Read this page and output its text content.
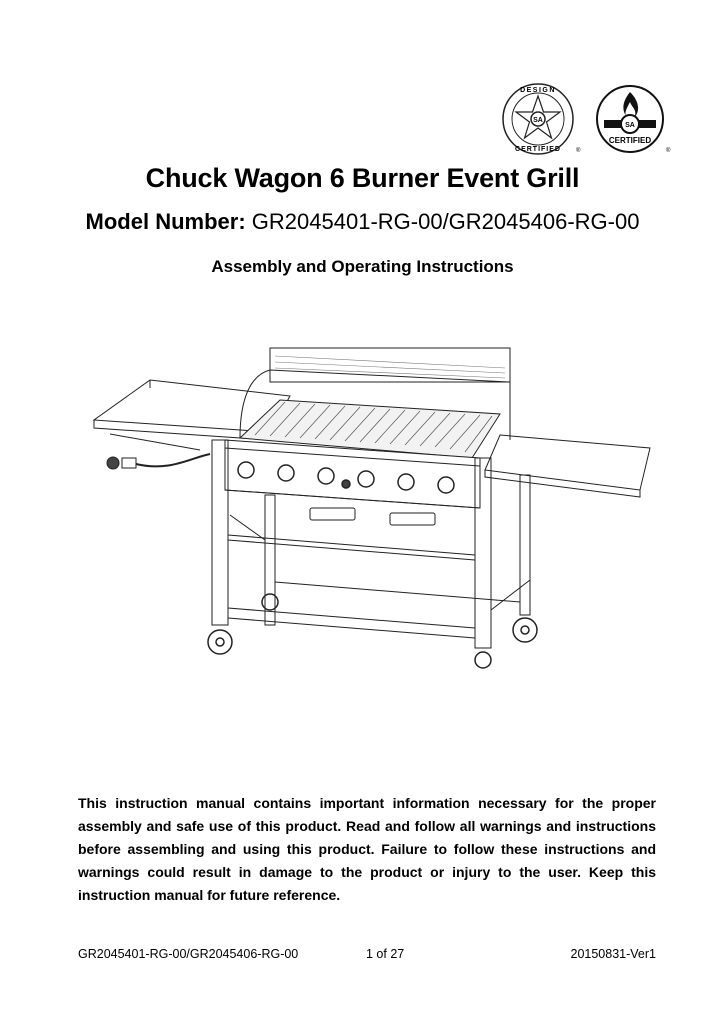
SA
DESIGN
CERTIFIED	®
SA
CERTIFIED
®
Chuck Wagon 6 Burner Event Grill
Model Number: GR2045401-RG-00/GR2045406-RG-00
Assembly and Operating Instructions
This instruction manual contains important information necessary for the proper assembly and safe use of this product. Read and follow all warnings and instructions before assembling and using this product. Failure to follow these instructions and warnings could result in damage to the product or injury to the user. Keep this instruction manual for future reference.
GR2045401-RG-00/GR2045406-RG-00	1 of 27	20150831-Ver1
